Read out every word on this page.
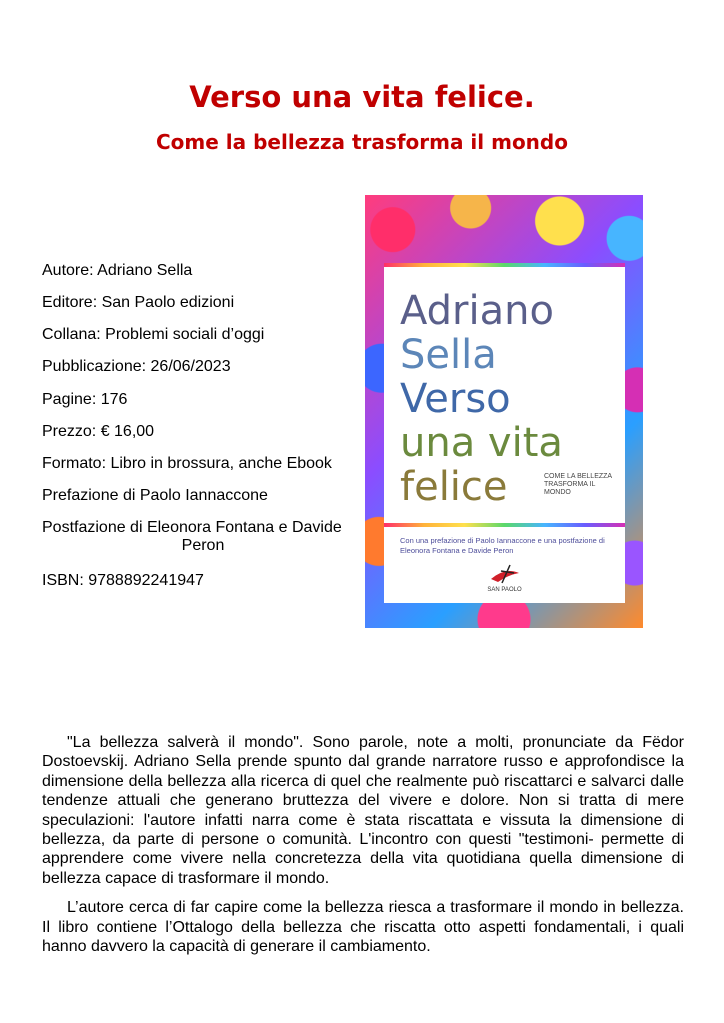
Verso una vita felice.
Come la bellezza trasforma il mondo
Autore: Adriano Sella
Editore: San Paolo edizioni
Collana: Problemi sociali d’oggi
Pubblicazione: 26/06/2023
Pagine: 176
Prezzo: € 16,00
Formato: Libro in brossura, anche Ebook
Prefazione di Paolo Iannaccone
Postfazione di Eleonora Fontana e Davide
Peron
ISBN: 9788892241947
Adriano
Sella
Verso
una vita
felice	COME LA BELLEZZA TRASFORMA IL MONDO
Con una prefazione di Paolo Iannaccone e una postfazione di Eleonora Fontana e Davide Peron
SAN PAOLO

"La bellezza salverà il mondo". Sono parole, note a molti, pronunciate da Fëdor Dostoevskij. Adriano Sella prende spunto dal grande narratore russo e approfondisce la dimensione della bellezza alla ricerca di quel che realmente può riscattarci e salvarci dalle tendenze attuali che generano bruttezza del vivere e dolore. Non si tratta di mere speculazioni: l'autore infatti narra come è stata riscattata e vissuta la dimensione di bellezza, da parte di persone o comunità. L'incontro con questi "testimoni- permette di apprendere come vivere nella concretezza della vita quotidiana quella dimensione di bellezza capace di trasformare il mondo.

L’autore cerca di far capire come la bellezza riesca a trasformare il mondo in bellezza. Il libro contiene l’Ottalogo della bellezza che riscatta otto aspetti fondamentali, i quali hanno davvero la capacità di generare il cambiamento.
